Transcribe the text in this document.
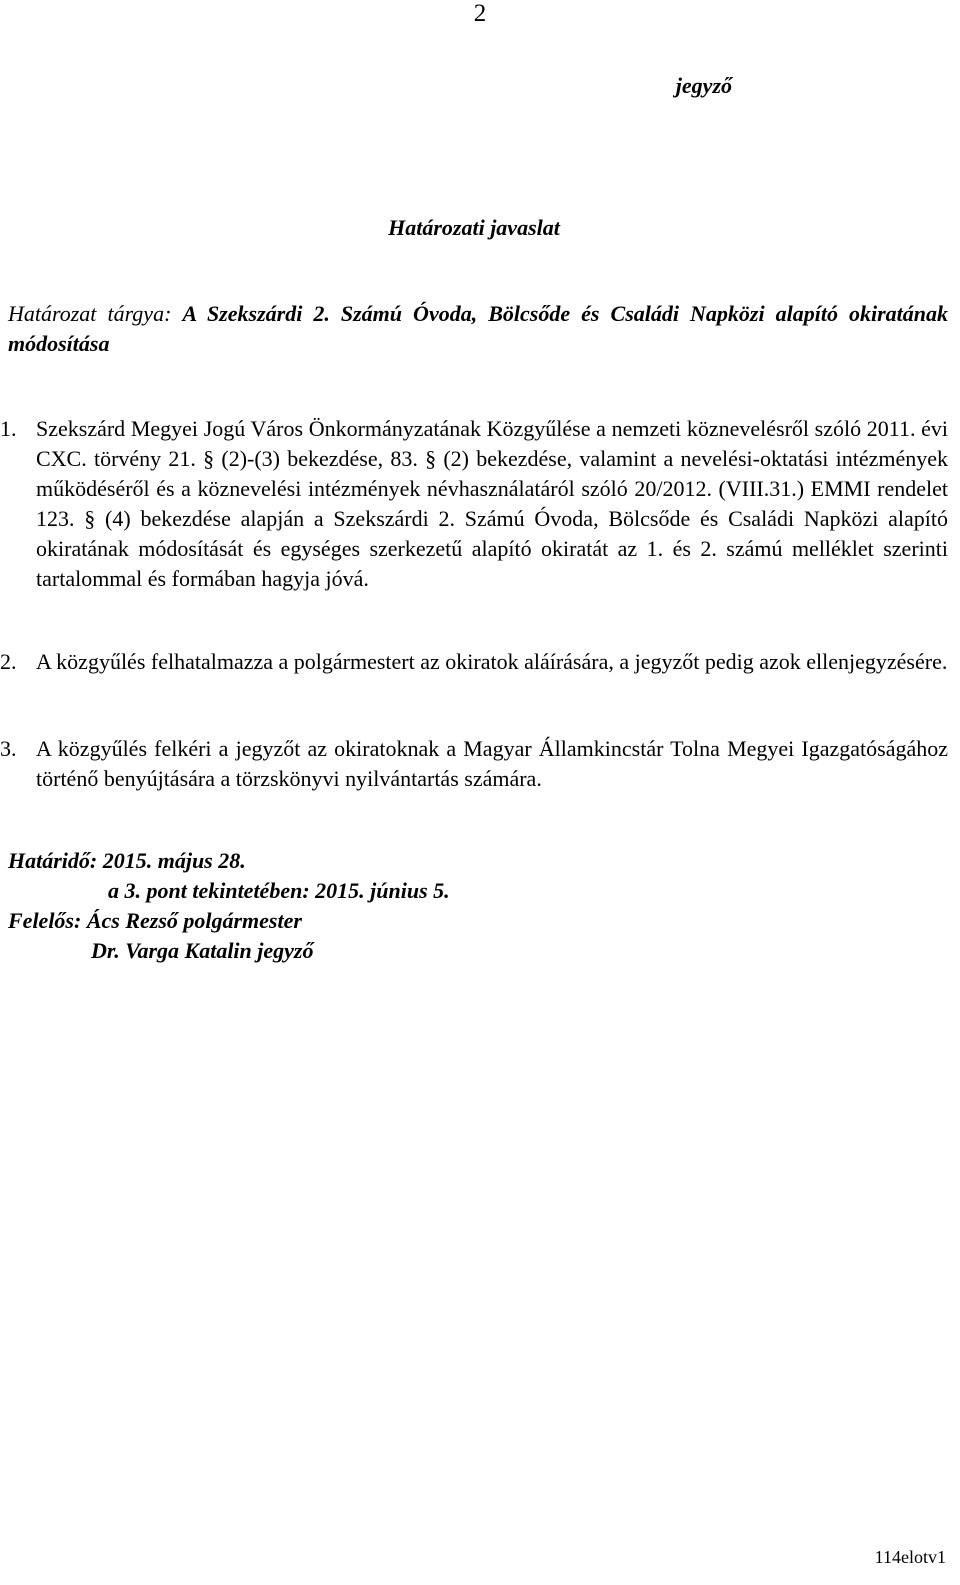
2
jegyző
Határozati javaslat
Határozat tárgya: A Szekszárdi 2. Számú Óvoda, Bölcsőde és Családi Napközi alapító okiratának módosítása
1. Szekszárd Megyei Jogú Város Önkormányzatának Közgyűlése a nemzeti köznevelésről szóló 2011. évi CXC. törvény 21. § (2)-(3) bekezdése, 83. § (2) bekezdése, valamint a nevelési-oktatási intézmények működéséről és a köznevelési intézmények névhasználatáról szóló 20/2012. (VIII.31.) EMMI rendelet 123. § (4) bekezdése alapján a Szekszárdi 2. Számú Óvoda, Bölcsőde és Családi Napközi alapító okiratának módosítását és egységes szerkezetű alapító okiratát az 1. és 2. számú melléklet szerinti tartalommal és formában hagyja jóvá.
2. A közgyűlés felhatalmazza a polgármestert az okiratok aláírására, a jegyzőt pedig azok ellenjegyzésére.
3. A közgyűlés felkéri a jegyzőt az okiratoknak a Magyar Államkincstár Tolna Megyei Igazgatóságához történő benyújtására a törzskönyvi nyilvántartás számára.
Határidő: 2015. május 28.
a 3. pont tekintetében: 2015. június 5.
Felelős: Ács Rezső polgármester
Dr. Varga Katalin jegyző
114elotv1
